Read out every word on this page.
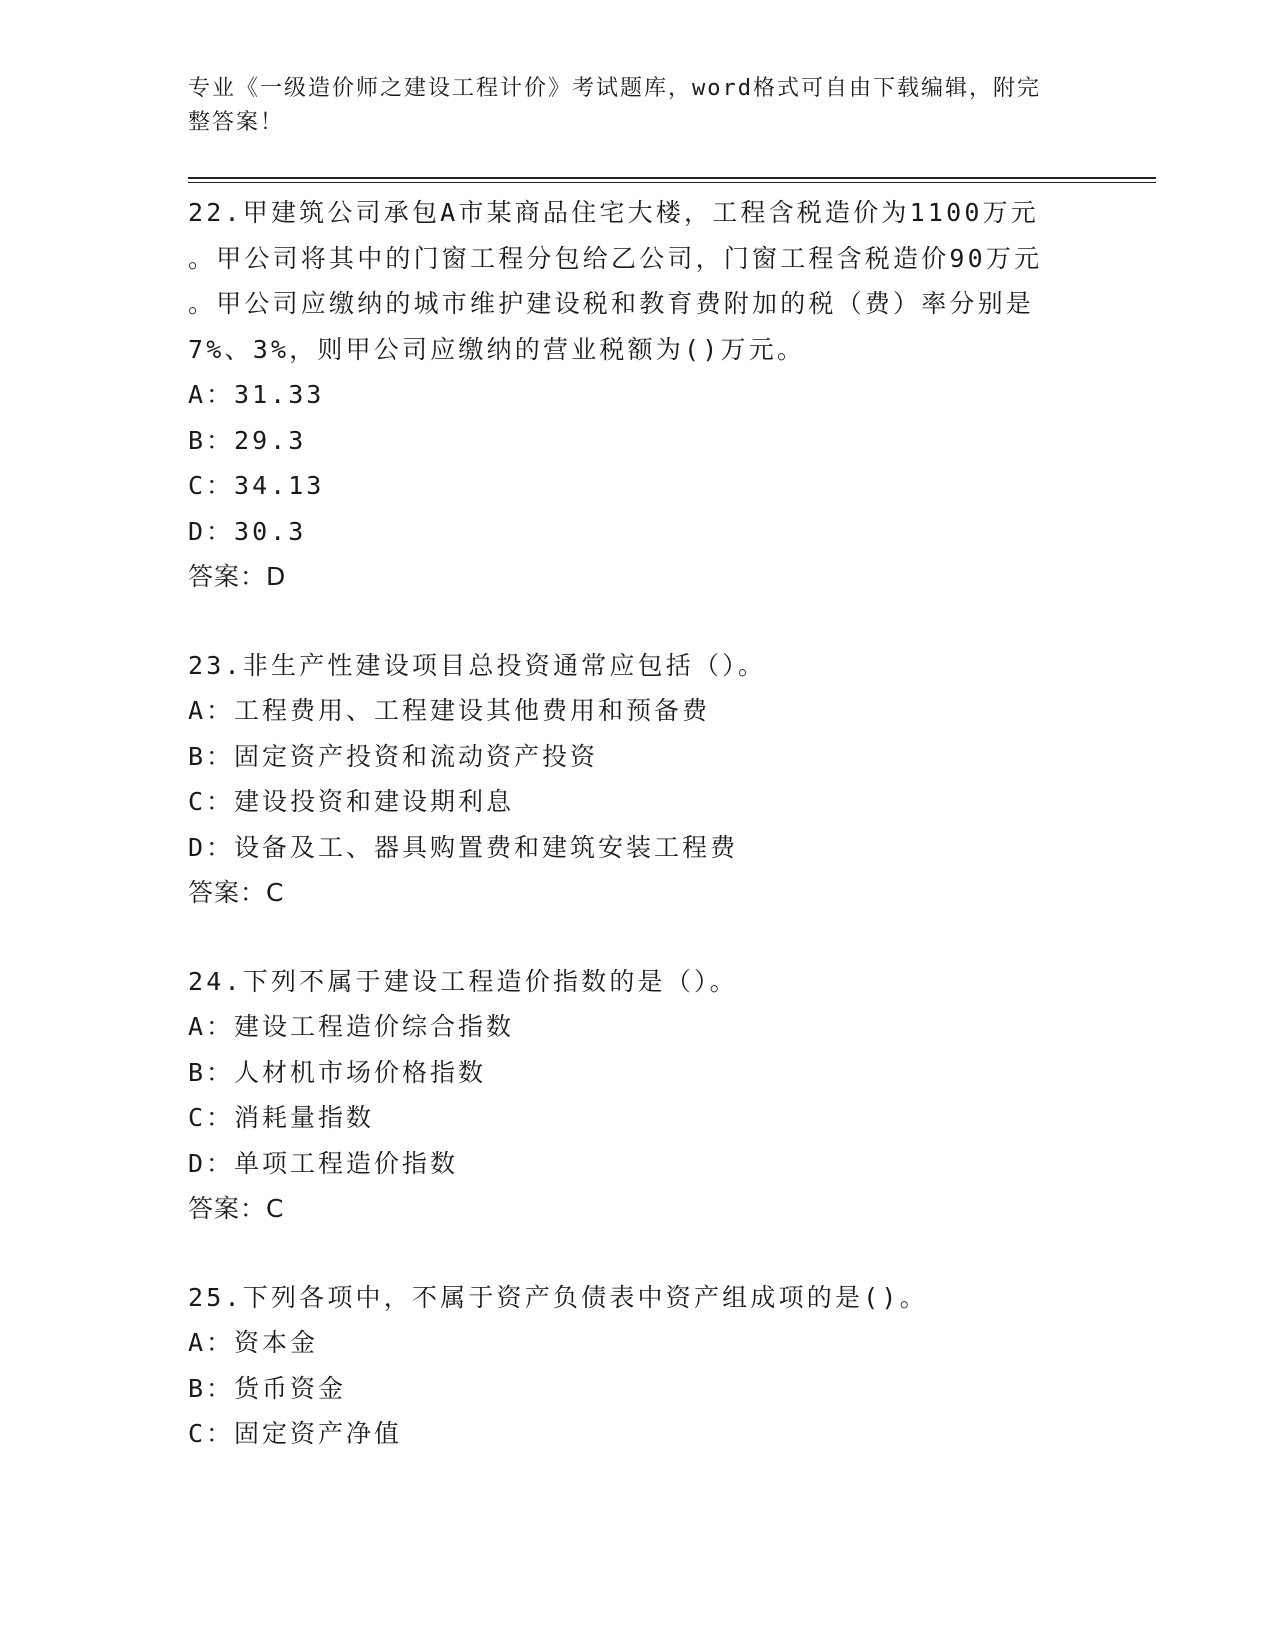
专业《一级造价师之建设工程计价》考试题库，word格式可自由下载编辑，附完
整答案！
22.甲建筑公司承包A市某商品住宅大楼，工程含税造价为1100万元
。甲公司将其中的门窗工程分包给乙公司，门窗工程含税造价90万元
。甲公司应缴纳的城市维护建设税和教育费附加的税（费）率分别是
7%、3%，则甲公司应缴纳的营业税额为()万元。
A：31.33
B：29.3
C：34.13
D：30.3
答案：D
23.非生产性建设项目总投资通常应包括（）。
A：工程费用、工程建设其他费用和预备费
B：固定资产投资和流动资产投资
C：建设投资和建设期利息
D：设备及工、器具购置费和建筑安装工程费
答案：C
24.下列不属于建设工程造价指数的是（）。
A：建设工程造价综合指数
B：人材机市场价格指数
C：消耗量指数
D：单项工程造价指数
答案：C
25.下列各项中，不属于资产负债表中资产组成项的是()。
A：资本金
B：货币资金
C：固定资产净值
